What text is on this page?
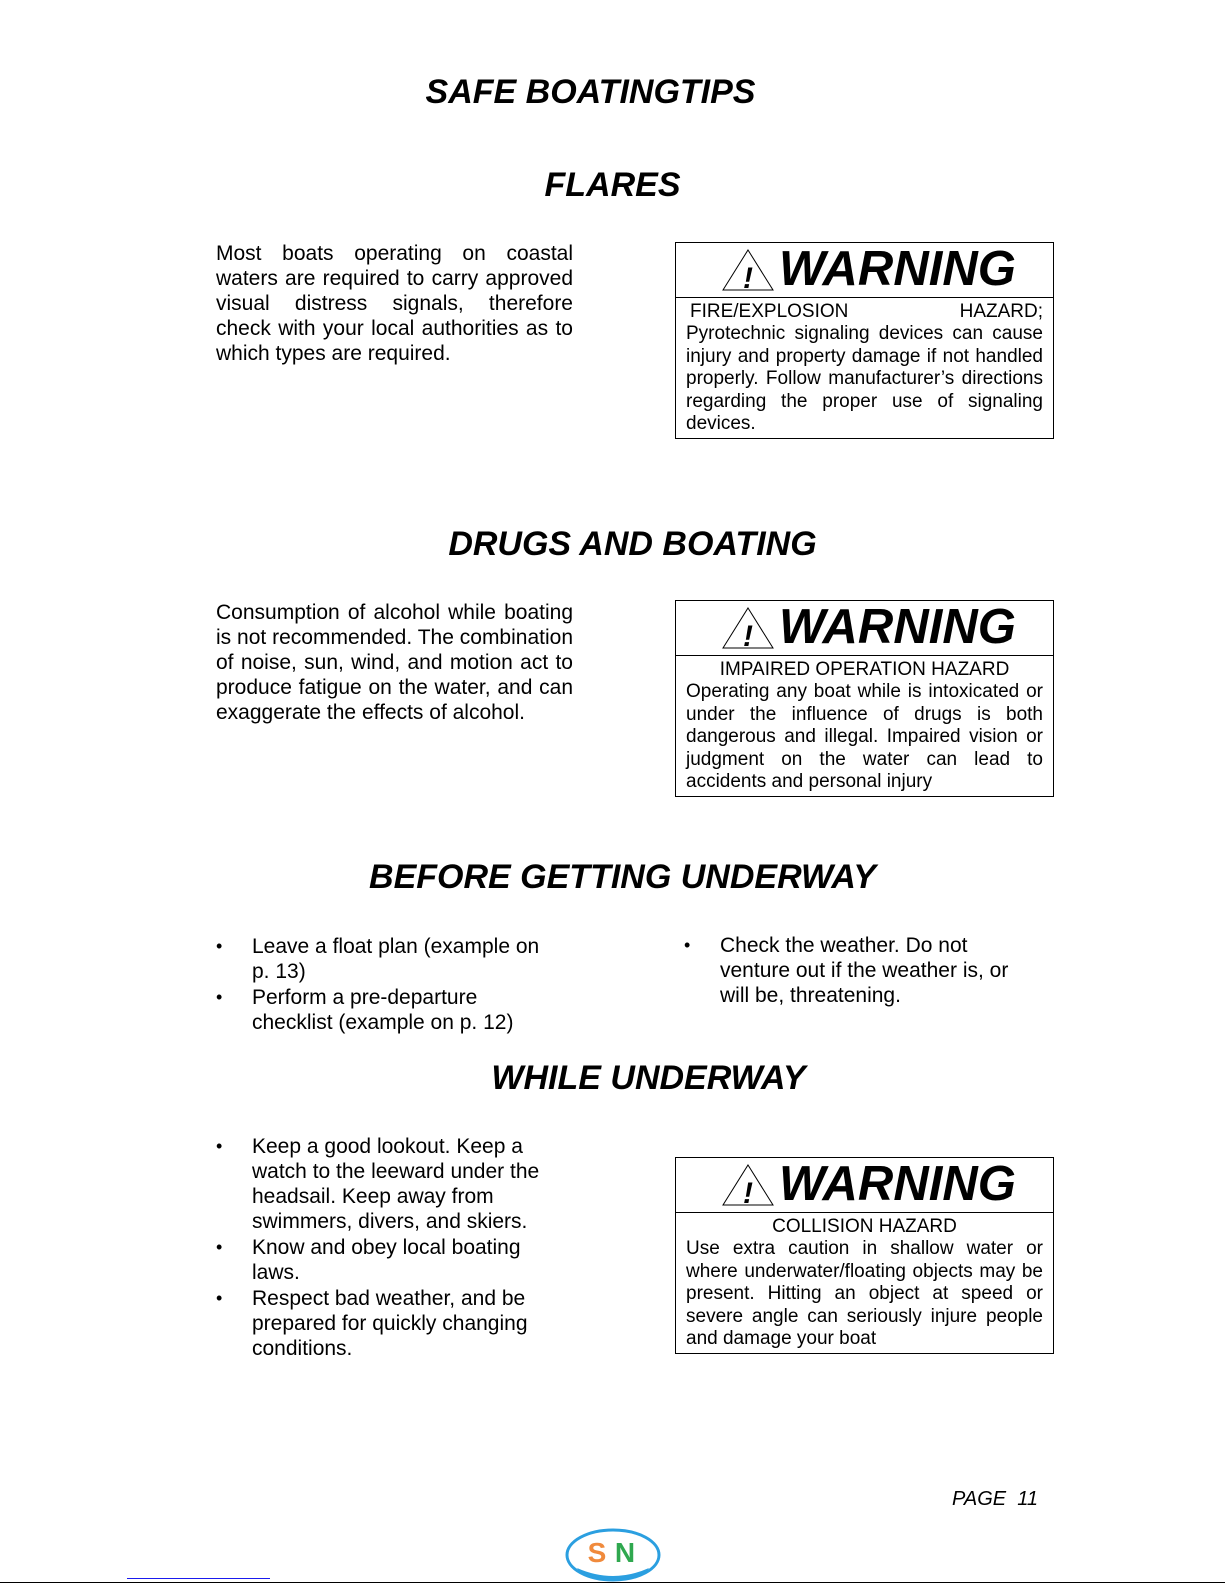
SAFE BOATINGTIPS
FLARES

Most boats operating on coastal waters are required to carry approved visual distress signals, therefore check with your local authorities as to which types are required.

! WARNING
FIRE/EXPLOSION HAZARD;
Pyrotechnic signaling devices can cause injury and property damage if not handled properly. Follow manufacturer’s directions regarding the proper use of signaling devices.
DRUGS AND BOATING

Consumption of alcohol while boating is not recommended. The combination of noise, sun, wind, and motion act to produce fatigue on the water, and can exaggerate the effects of alcohol.

! WARNING
IMPAIRED OPERATION HAZARD
Operating any boat while is intoxicated or under the influence of drugs is both dangerous and illegal. Impaired vision or judgment on the water can lead to accidents and personal injury
BEFORE GETTING UNDERWAY
• Leave a float plan (example on p. 13)
• Perform a pre-departure checklist (example on p. 12)
• Check the weather. Do not venture out if the weather is, or will be, threatening.
WHILE UNDERWAY
• Keep a good lookout. Keep a watch to the leeward under the headsail. Keep away from swimmers, divers, and skiers.
• Know and obey local boating laws.
• Respect bad weather, and be prepared for quickly changing conditions.
! WARNING
COLLISION HAZARD
Use extra caution in shallow water or where underwater/floating objects may be present. Hitting an object at speed or severe angle can seriously injure people and damage your boat
PAGE  11
S N
